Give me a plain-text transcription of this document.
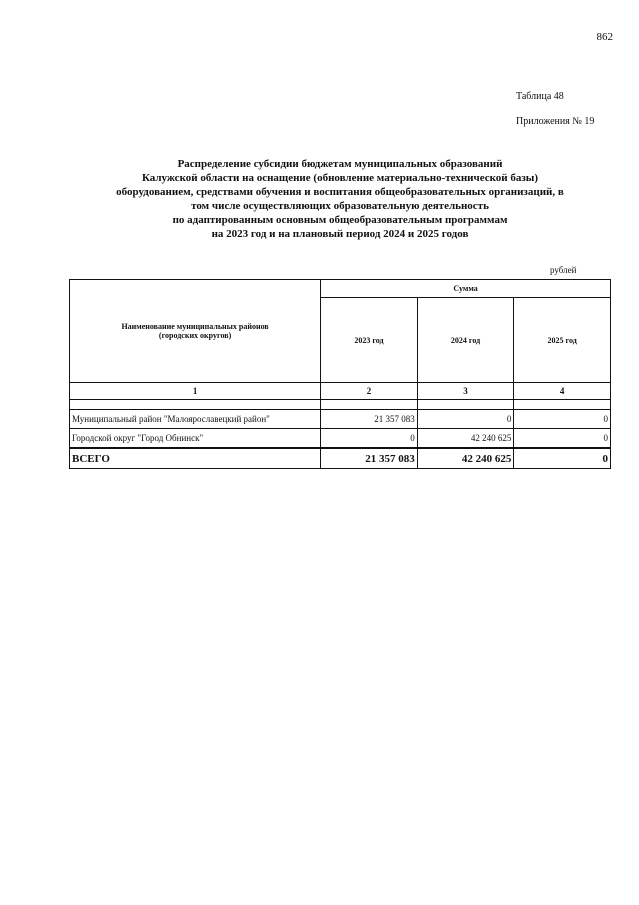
862
Таблица 48
Приложения № 19
Распределение субсидии бюджетам муниципальных образований
Калужской области на оснащение (обновление материально-технической базы)
оборудованием, средствами обучения и воспитания общеобразовательных организаций, в
том числе осуществляющих образовательную деятельность
по адаптированным основным общеобразовательным программам
на 2023 год и на плановый период 2024 и 2025 годов
рублей
Наименование муниципальных районов
(городских округов)	Сумма		
	2023 год	2024 год	2025 год
1	2	3	4

Муниципальный район "Малоярославецкий район"	21 357 083	0	0
Городской округ "Город Обнинск"	0	42 240 625	0
ВСЕГО	21 357 083	42 240 625	0
